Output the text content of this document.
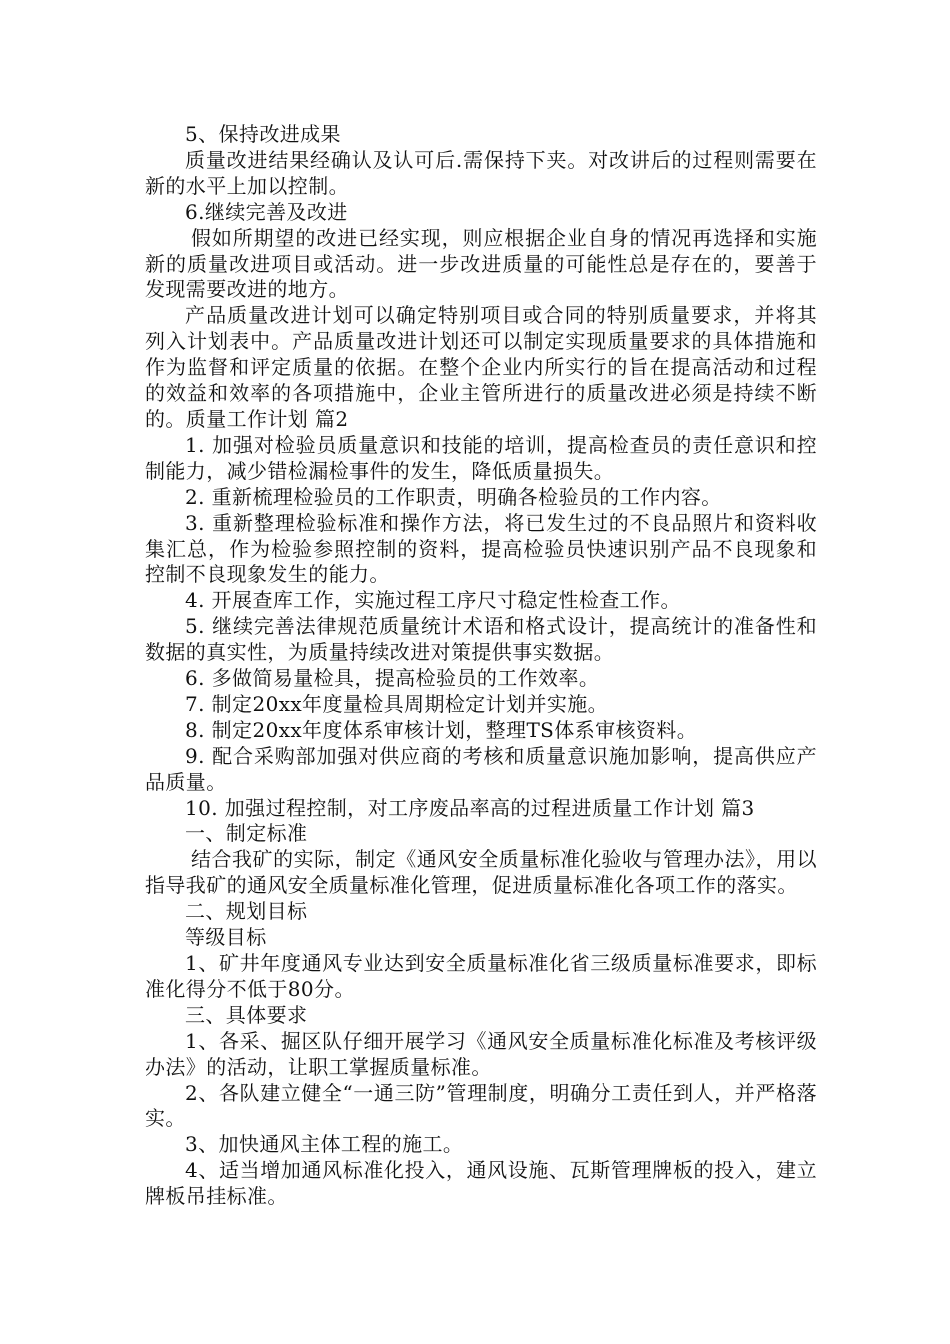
5、保持改进成果

质量改进结果经确认及认可后.需保持下夹。对改讲后的过程则需要在新的水平上加以控制。

6.继续完善及改进

假如所期望的改进已经实现，则应根据企业自身的情况再选择和实施新的质量改进项目或活动。进一步改进质量的可能性总是存在的，要善于发现需要改进的地方。

产品质量改进计划可以确定特别项目或合同的特别质量要求，并将其列入计划表中。产品质量改进计划还可以制定实现质量要求的具体措施和作为监督和评定质量的依据。在整个企业内所实行的旨在提高活动和过程的效益和效率的各项措施中，企业主管所进行的质量改进必须是持续不断的。质量工作计划 篇2

1. 加强对检验员质量意识和技能的培训，提高检查员的责任意识和控制能力，减少错检漏检事件的发生，降低质量损失。

2. 重新梳理检验员的工作职责，明确各检验员的工作内容。

3. 重新整理检验标准和操作方法，将已发生过的不良品照片和资料收集汇总，作为检验参照控制的资料，提高检验员快速识别产品不良现象和控制不良现象发生的能力。

4. 开展查库工作，实施过程工序尺寸稳定性检查工作。

5. 继续完善法律规范质量统计术语和格式设计，提高统计的准备性和数据的真实性，为质量持续改进对策提供事实数据。

6. 多做简易量检具，提高检验员的工作效率。

7. 制定20xx年度量检具周期检定计划并实施。

8. 制定20xx年度体系审核计划，整理TS体系审核资料。

9. 配合采购部加强对供应商的考核和质量意识施加影响，提高供应产品质量。

10. 加强过程控制，对工序废品率高的过程进质量工作计划 篇3

一、制定标准

结合我矿的实际，制定《通风安全质量标准化验收与管理办法》，用以指导我矿的通风安全质量标准化管理，促进质量标准化各项工作的落实。

二、规划目标

等级目标

1、矿井年度通风专业达到安全质量标准化省三级质量标准要求，即标准化得分不低于80分。

三、具体要求

1、各采、掘区队仔细开展学习《通风安全质量标准化标准及考核评级办法》的活动，让职工掌握质量标准。

2、各队建立健全“一通三防”管理制度，明确分工责任到人，并严格落实。

3、加快通风主体工程的施工。

4、适当增加通风标准化投入，通风设施、瓦斯管理牌板的投入，建立牌板吊挂标准。
